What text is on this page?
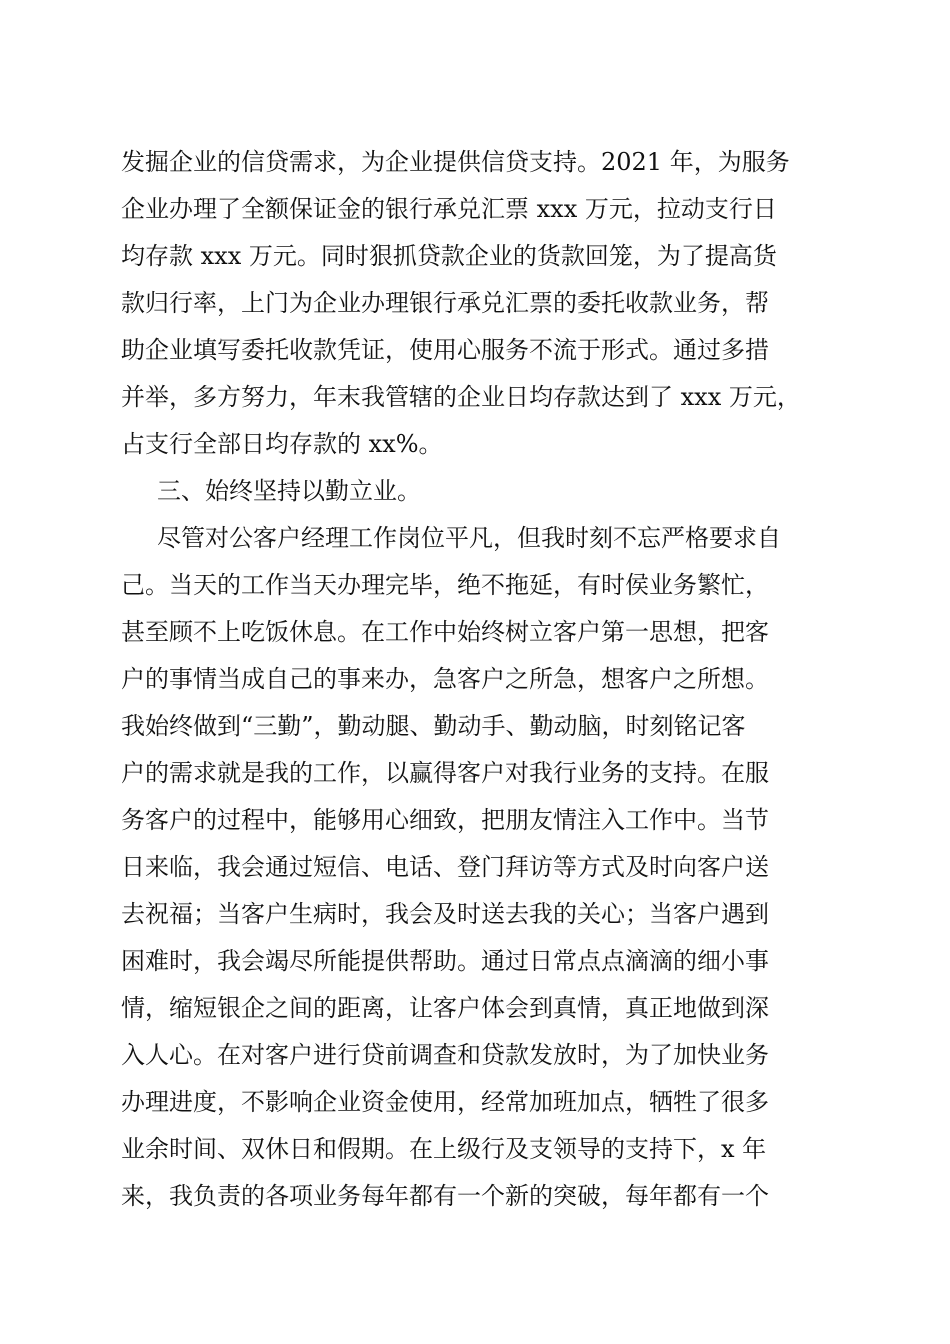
发掘企业的信贷需求，为企业提供信贷支持。2021 年，为服务
企业办理了全额保证金的银行承兑汇票 xxx 万元，拉动支行日
均存款 xxx 万元。同时狠抓贷款企业的货款回笼，为了提高货
款归行率，上门为企业办理银行承兑汇票的委托收款业务，帮
助企业填写委托收款凭证，使用心服务不流于形式。通过多措
并举，多方努力，年末我管辖的企业日均存款达到了 xxx 万元，
占支行全部日均存款的 xx%。
三、始终坚持以勤立业。
尽管对公客户经理工作岗位平凡，但我时刻不忘严格要求自
己。当天的工作当天办理完毕，绝不拖延，有时侯业务繁忙，
甚至顾不上吃饭休息。在工作中始终树立客户第一思想，把客
户的事情当成自己的事来办，急客户之所急，想客户之所想。
我始终做到“三勤”，勤动腿、勤动手、勤动脑，时刻铭记客
户的需求就是我的工作，以赢得客户对我行业务的支持。在服
务客户的过程中，能够用心细致，把朋友情注入工作中。当节
日来临，我会通过短信、电话、登门拜访等方式及时向客户送
去祝福；当客户生病时，我会及时送去我的关心；当客户遇到
困难时，我会竭尽所能提供帮助。通过日常点点滴滴的细小事
情，缩短银企之间的距离，让客户体会到真情，真正地做到深
入人心。在对客户进行贷前调查和贷款发放时，为了加快业务
办理进度，不影响企业资金使用，经常加班加点，牺牲了很多
业余时间、双休日和假期。在上级行及支领导的支持下，x 年
来，我负责的各项业务每年都有一个新的突破，每年都有一个
